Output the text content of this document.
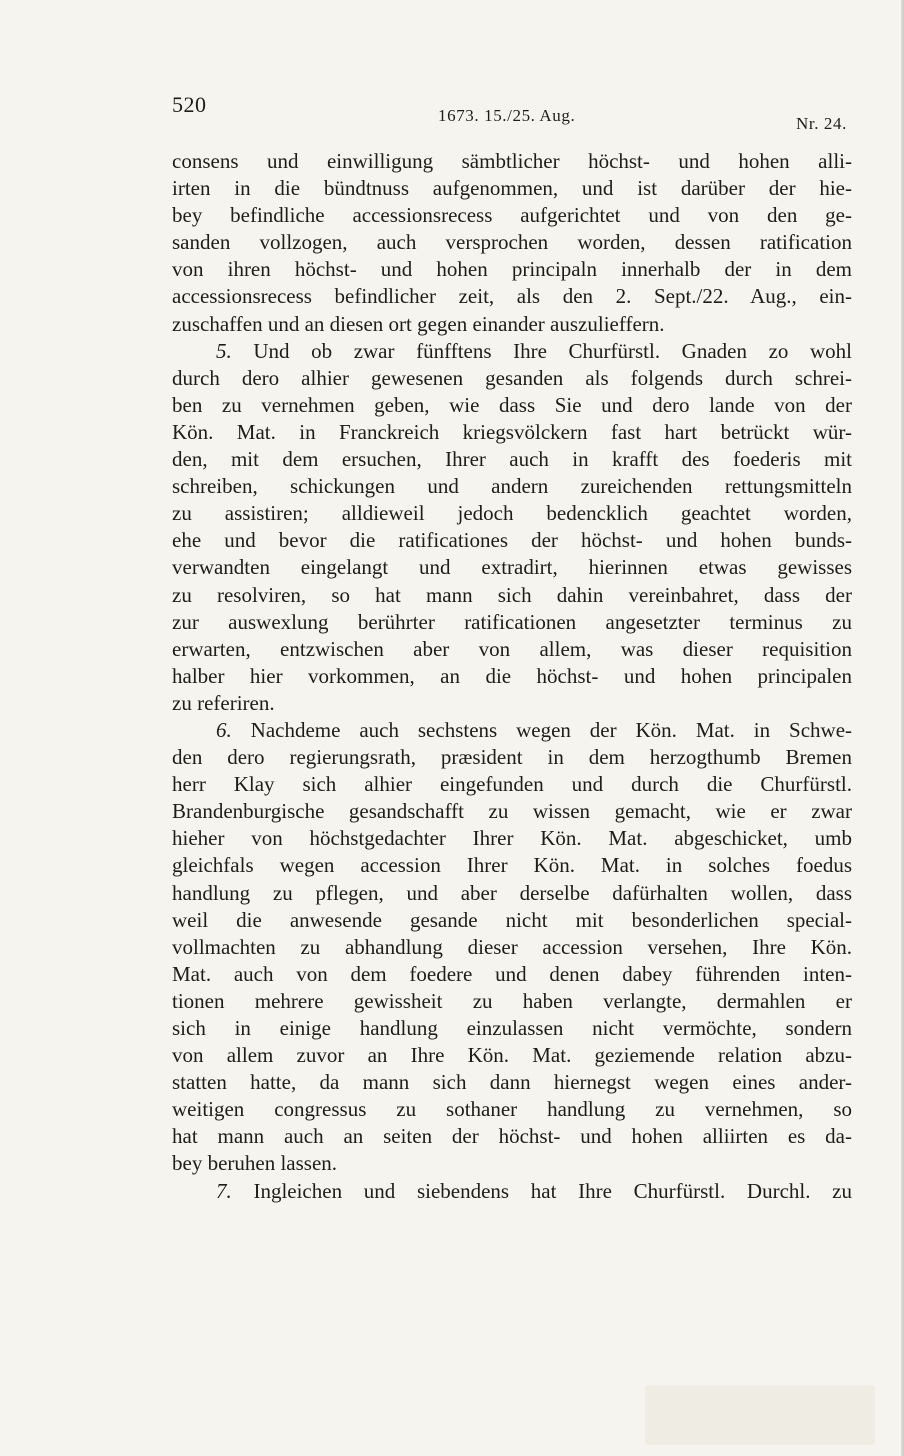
520	1673. 15./25. Aug.	Nr. 24.
consens und einwilligung sämbtlicher höchst- und hohen alli-
irten in die bündtnuss aufgenommen, und ist darüber der hie-
bey befindliche accessionsrecess aufgerichtet und von den ge-
sanden vollzogen, auch versprochen worden, dessen ratification
von ihren höchst- und hohen principaln innerhalb der in dem
accessionsrecess befindlicher zeit, als den 2. Sept./22. Aug., ein-
zuschaffen und an diesen ort gegen einander auszulieffern.
5. Und ob zwar fünfftens Ihre Churfürstl. Gnaden zo wohl
durch dero alhier gewesenen gesanden als folgends durch schrei-
ben zu vernehmen geben, wie dass Sie und dero lande von der
Kön. Mat. in Franckreich kriegsvölckern fast hart betrückt wür-
den, mit dem ersuchen, Ihrer auch in krafft des foederis mit
schreiben, schickungen und andern zureichenden rettungsmitteln
zu assistiren; alldieweil jedoch bedencklich geachtet worden,
ehe und bevor die ratificationes der höchst- und hohen bunds-
verwandten eingelangt und extradirt, hierinnen etwas gewisses
zu resolviren, so hat mann sich dahin vereinbahret, dass der
zur auswexlung berührter ratificationen angesetzter terminus zu
erwarten, entzwischen aber von allem, was dieser requisition
halber hier vorkommen, an die höchst- und hohen principalen
zu referiren.
6. Nachdeme auch sechstens wegen der Kön. Mat. in Schwe-
den dero regierungsrath, præsident in dem herzogthumb Bremen
herr Klay sich alhier eingefunden und durch die Churfürstl.
Brandenburgische gesandschafft zu wissen gemacht, wie er zwar
hieher von höchstgedachter Ihrer Kön. Mat. abgeschicket, umb
gleichfals wegen accession Ihrer Kön. Mat. in solches foedus
handlung zu pflegen, und aber derselbe dafürhalten wollen, dass
weil die anwesende gesande nicht mit besonderlichen special-
vollmachten zu abhandlung dieser accession versehen, Ihre Kön.
Mat. auch von dem foedere und denen dabey führenden inten-
tionen mehrere gewissheit zu haben verlangte, dermahlen er
sich in einige handlung einzulassen nicht vermöchte, sondern
von allem zuvor an Ihre Kön. Mat. geziemende relation abzu-
statten hatte, da mann sich dann hiernegst wegen eines ander-
weitigen congressus zu sothaner handlung zu vernehmen, so
hat mann auch an seiten der höchst- und hohen alliirten es da-
bey beruhen lassen.
7. Ingleichen und siebendens hat Ihre Churfürstl. Durchl. zu
